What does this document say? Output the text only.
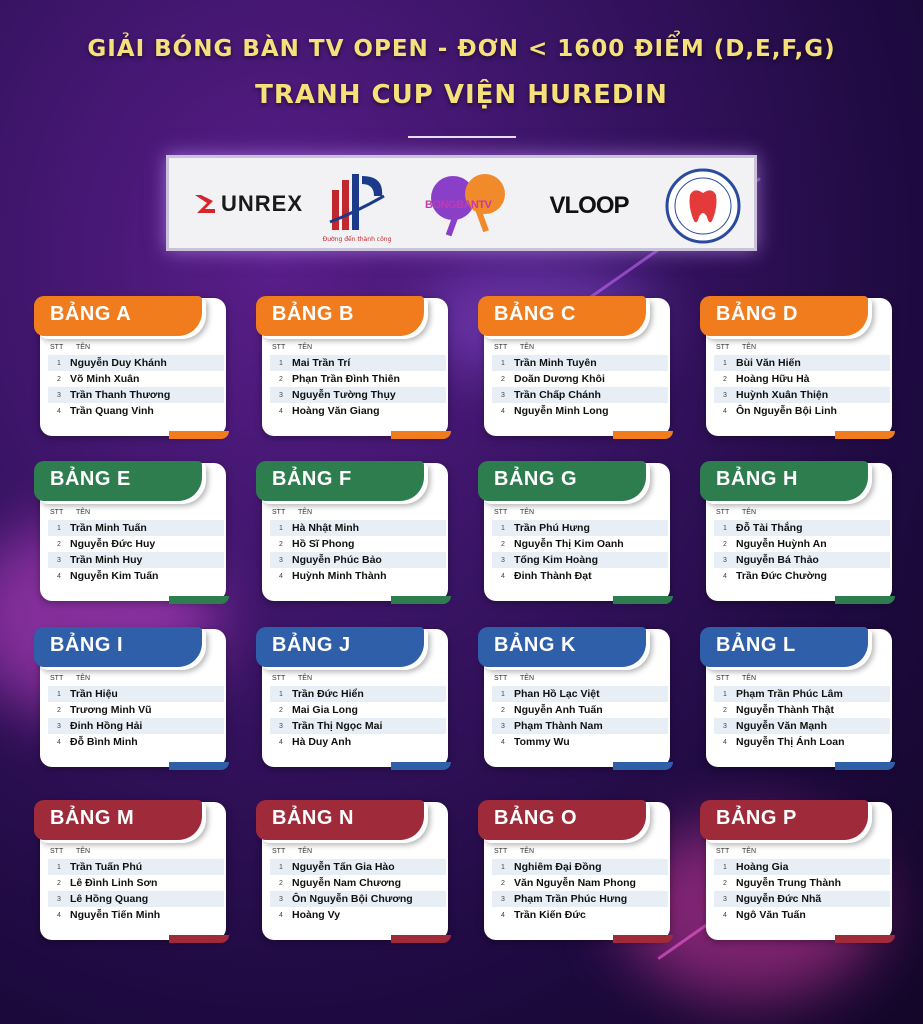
GIẢI BÓNG BÀN TV OPEN - ĐƠN < 1600 ĐIỂM (D,E,F,G)
TRANH CUP VIỆN HUREDIN
UNREX
Đường đến thành công
BONGBANTV VLOOP
BẢNG A
STT TÊN
1 Nguyễn Duy Khánh
2 Võ Minh Xuân
3 Trần Thanh Thương
4 Trần Quang Vinh
BẢNG B
STT TÊN
1 Mai Trần Trí
2 Phạn Trần Đình Thiên
3 Nguyễn Tường Thụy
4 Hoàng Văn Giang
BẢNG C
STT TÊN
1 Trần Minh Tuyên
2 Doãn Dương Khôi
3 Trần Chấp Chánh
4 Nguyễn Minh Long
BẢNG D
STT TÊN
1 Bùi Văn Hiến
2 Hoàng Hữu Hà
3 Huỳnh Xuân Thiện
4 Ôn Nguyễn Bội Linh
BẢNG E
STT TÊN
1 Trần Minh Tuấn
2 Nguyễn Đức Huy
3 Trần Minh Huy
4 Nguyễn Kim Tuấn
BẢNG F
STT TÊN
1 Hà Nhật Minh
2 Hồ Sĩ Phong
3 Nguyễn Phúc Bảo
4 Huỳnh Minh Thành
BẢNG G
STT TÊN
1 Trần Phú Hưng
2 Nguyễn Thị Kim Oanh
3 Tống Kim Hoàng
4 Đinh Thành Đạt
BẢNG H
STT TÊN
1 Đỗ Tài Thắng
2 Nguyễn Huỳnh An
3 Nguyễn Bá Thảo
4 Trần Đức Chường
BẢNG I
STT TÊN
1 Trần Hiệu
2 Trương Minh Vũ
3 Đinh Hồng Hải
4 Đỗ Bình Minh
BẢNG J
STT TÊN
1 Trần Đức Hiển
2 Mai Gia Long
3 Trần Thị Ngọc Mai
4 Hà Duy Anh
BẢNG K
STT TÊN
1 Phan Hồ Lạc Việt
2 Nguyễn Anh Tuấn
3 Phạm Thành Nam
4 Tommy Wu
BẢNG L
STT TÊN
1 Phạm Trần Phúc Lâm
2 Nguyễn Thành Thật
3 Nguyễn Văn Mạnh
4 Nguyễn Thị Ánh Loan
BẢNG M
STT TÊN
1 Trần Tuấn Phú
2 Lê Đình Linh Sơn
3 Lê Hồng Quang
4 Nguyễn Tiến Minh
BẢNG N
STT TÊN
1 Nguyễn Tấn Gia Hào
2 Nguyễn Nam Chương
3 Ôn Nguyễn Bội Chương
4 Hoàng Vy
BẢNG O
STT TÊN
1 Nghiêm Đại Đồng
2 Văn Nguyễn Nam Phong
3 Phạm Trần Phúc Hưng
4 Trần Kiến Đức
BẢNG P
STT TÊN
1 Hoàng Gia
2 Nguyễn Trung Thành
3 Nguyễn Đức Nhã
4 Ngô Văn Tuấn
